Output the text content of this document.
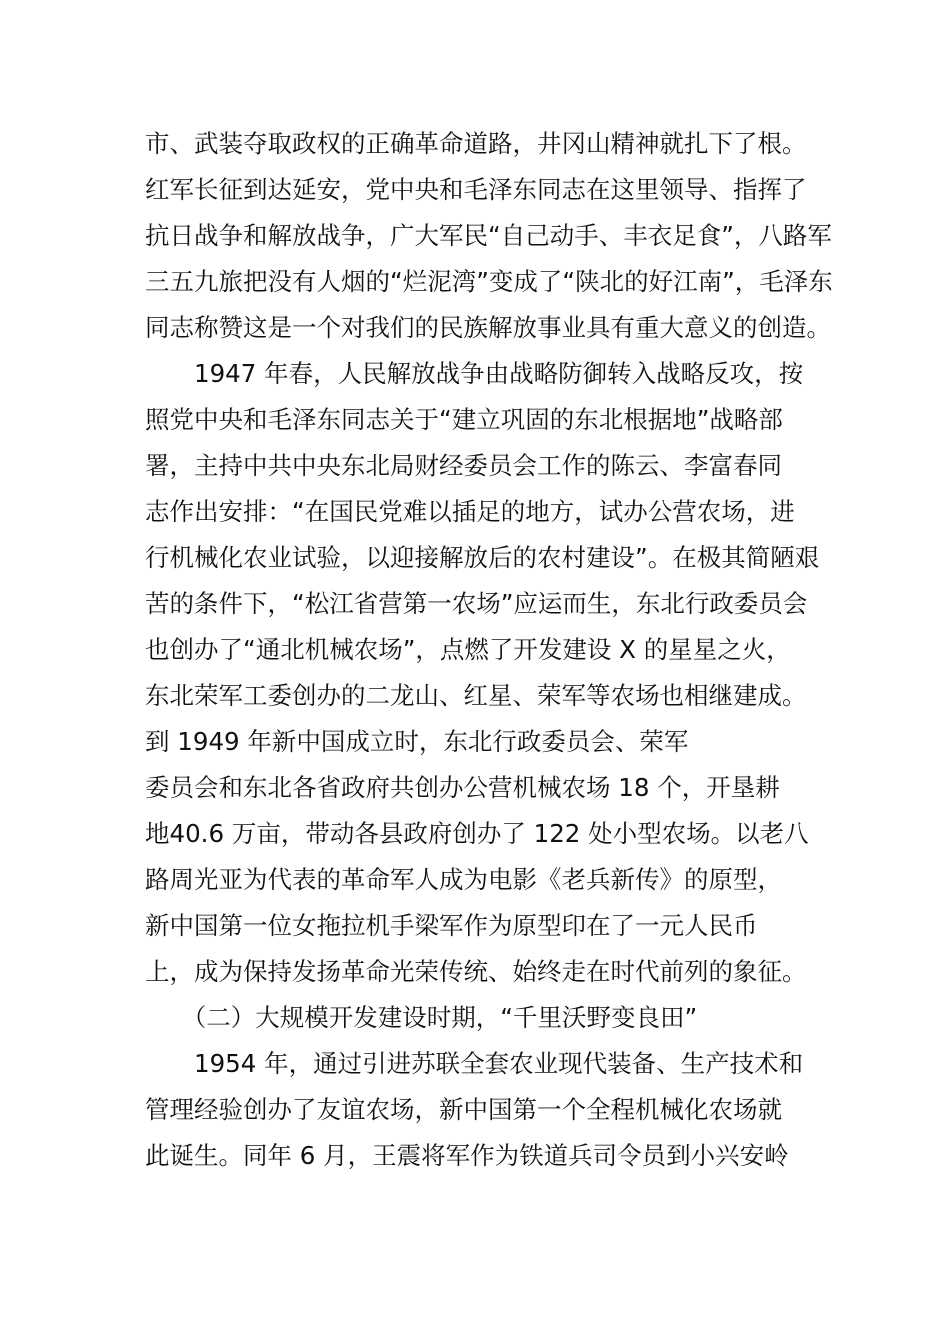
市、武装夺取政权的正确革命道路，井冈山精神就扎下了根。
红军长征到达延安，党中央和毛泽东同志在这里领导、指挥了
抗日战争和解放战争，广大军民“自己动手、丰衣足食”，八路军
三五九旅把没有人烟的“烂泥湾”变成了“陕北的好江南”，毛泽东
同志称赞这是一个对我们的民族解放事业具有重大意义的创造。
　　1947 年春，人民解放战争由战略防御转入战略反攻，按
照党中央和毛泽东同志关于“建立巩固的东北根据地”战略部
署，主持中共中央东北局财经委员会工作的陈云、李富春同
志作出安排：“在国民党难以插足的地方，试办公营农场，进
行机械化农业试验，以迎接解放后的农村建设”。在极其简陋艰
苦的条件下，“松江省营第一农场”应运而生，东北行政委员会
也创办了“通北机械农场”，点燃了开发建设 X 的星星之火，
东北荣军工委创办的二龙山、红星、荣军等农场也相继建成。
到 1949 年新中国成立时，东北行政委员会、荣军
委员会和东北各省政府共创办公营机械农场 18 个，开垦耕
地40.6 万亩，带动各县政府创办了 122 处小型农场。以老八
路周光亚为代表的革命军人成为电影《老兵新传》的原型，
新中国第一位女拖拉机手梁军作为原型印在了一元人民币
上，成为保持发扬革命光荣传统、始终走在时代前列的象征。
　　（二）大规模开发建设时期，“千里沃野变良田”
　　1954 年，通过引进苏联全套农业现代装备、生产技术和
管理经验创办了友谊农场，新中国第一个全程机械化农场就
此诞生。同年 6 月，王震将军作为铁道兵司令员到小兴安岭
